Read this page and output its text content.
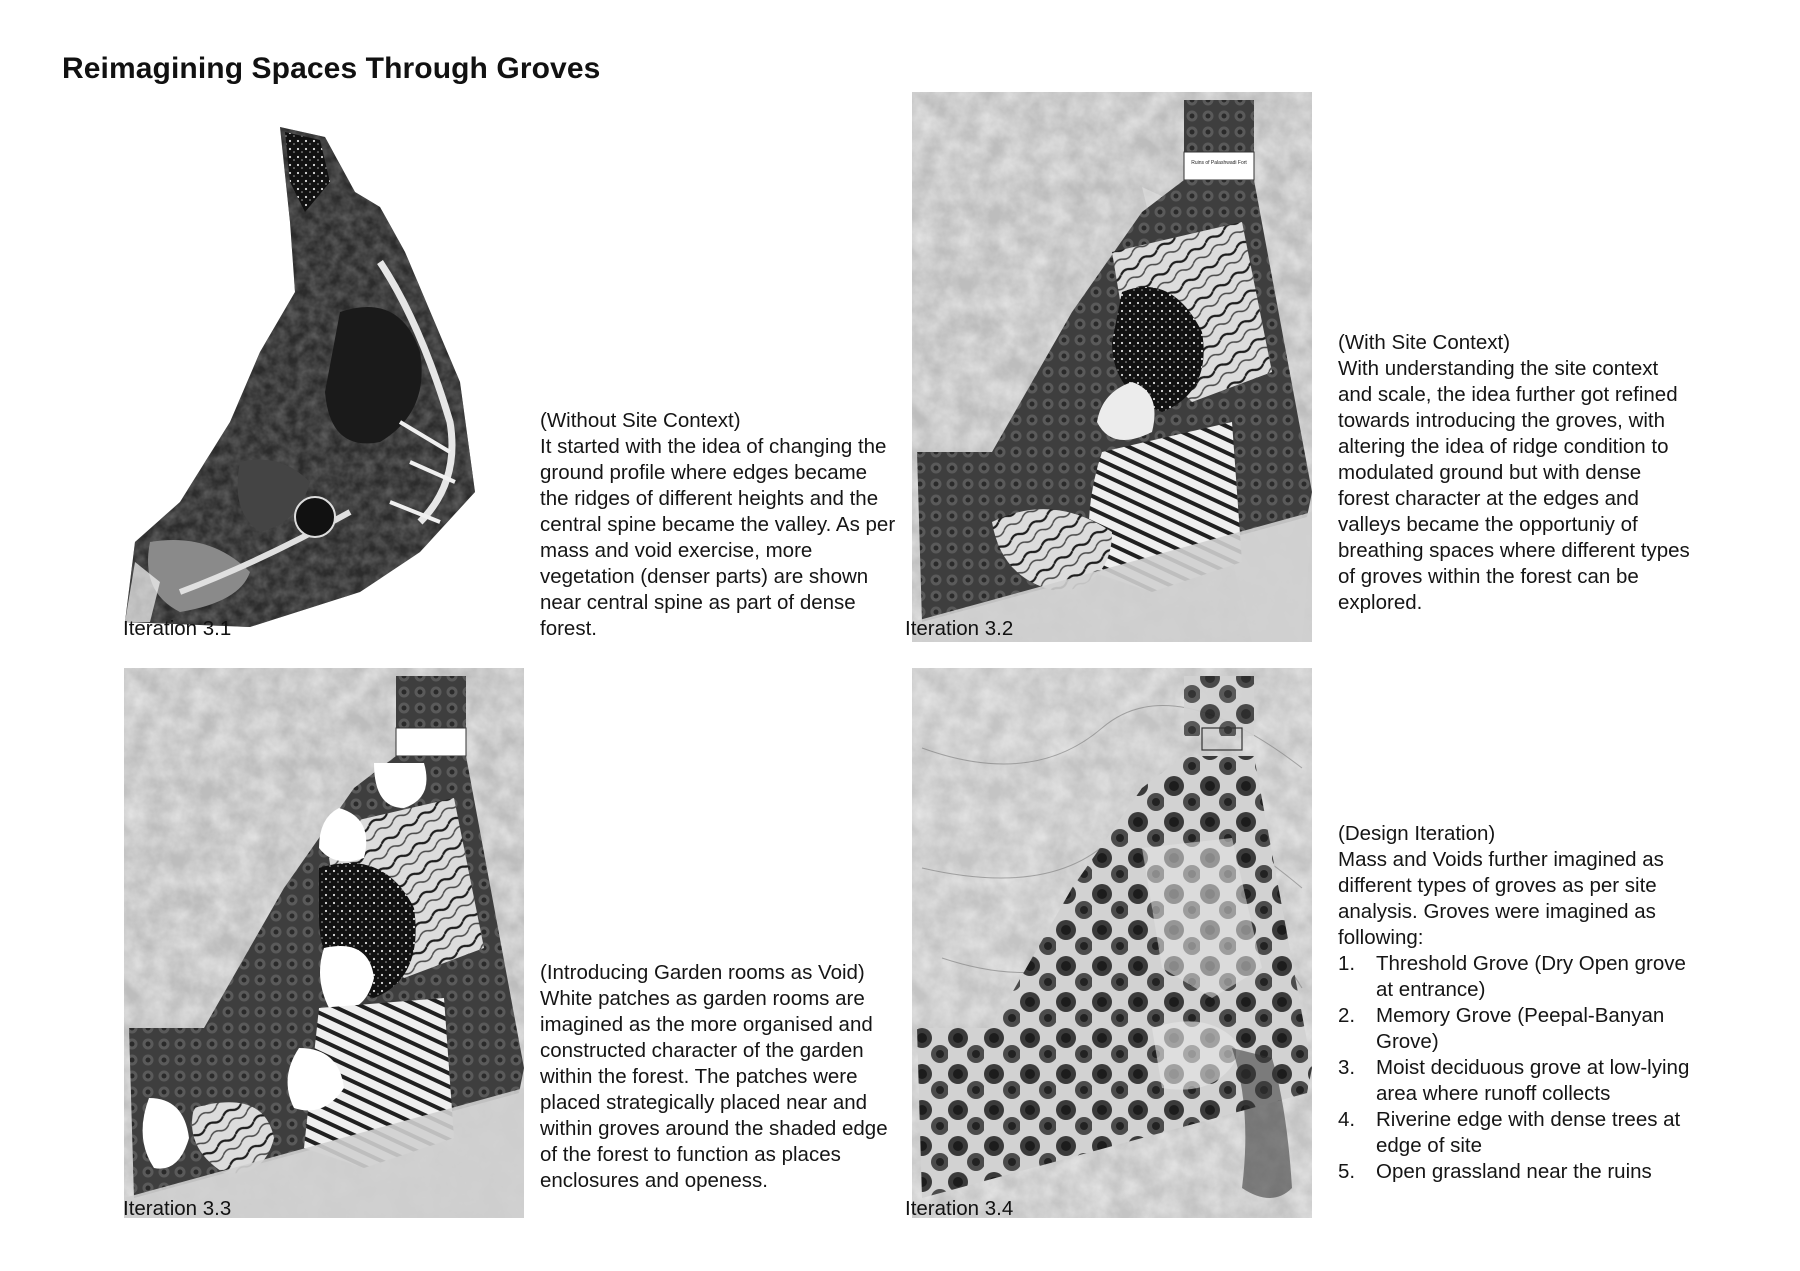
Reimagining Spaces Through Groves
Iteration 3.1

(Without Site Context)

It started with the idea of changing the ground profile where edges became the ridges of different heights and the central spine became the valley. As per mass and void exercise, more vegetation (denser parts) are shown near central spine as part of dense forest.

Ruins of Palashwadi Fort
Iteration 3.2

(With Site Context)

With understanding the site context and scale, the idea further got refined towards introducing the groves, with altering the idea of ridge condition to modulated ground but with dense forest character at the edges and valleys became the opportuniy of breathing spaces where different types of groves within the forest can be explored.

Iteration 3.3

(Introducing Garden rooms as Void)

White patches as garden rooms are imagined as the more organised and constructed character of the garden within the forest. The patches were placed strategically placed near and within groves around the shaded edge of the forest to function as places enclosures and openess.

Iteration 3.4

(Design Iteration)

Mass and Voids further imagined as different types of groves as per site analysis. Groves were imagined as following:

1. Threshold Grove (Dry Open grove at entrance)
2. Memory Grove (Peepal-Banyan Grove)
3. Moist deciduous grove at low-lying area where runoff collects
4. Riverine edge with dense trees at edge of site
5. Open grassland near the ruins
